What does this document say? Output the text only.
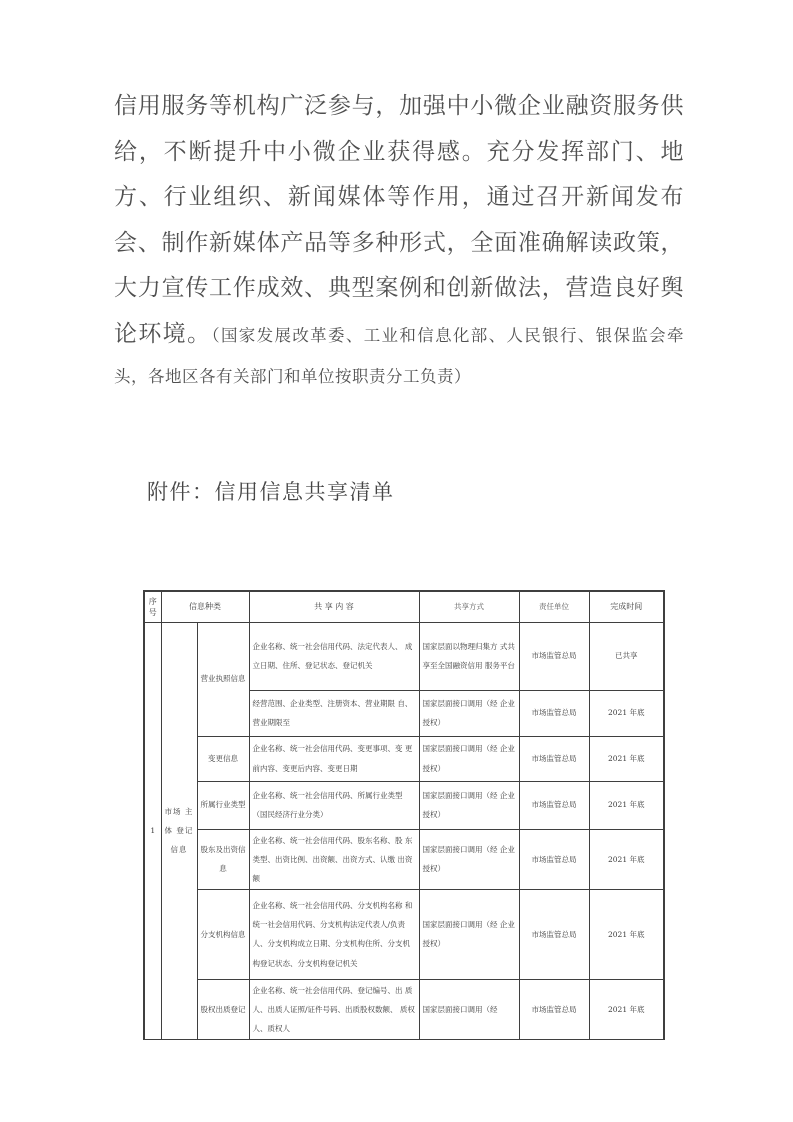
信用服务等机构广泛参与，加强中小微企业融资服务供给，不断提升中小微企业获得感。充分发挥部门、地方、行业组织、新闻媒体等作用，通过召开新闻发布会、制作新媒体产品等多种形式，全面准确解读政策，大力宣传工作成效、典型案例和创新做法，营造良好舆论环境。（国家发展改革委、工业和信息化部、人民银行、银保监会牵头，各地区各有关部门和单位按职责分工负责）
附件：信用信息共享清单
序号	信息种类		共 享 内 容	共享方式	责任单位	完成时间
1	市场 主体 登记 信息	营业执照信息	企业名称、统一社会信用代码、法定代表人、 成立日期、住所、登记状态、登记机关	国家层面以物理归集方 式共享至全国融资信用 服务平台	市场监管总局	已共享
			经营范围、企业类型、注册资本、营业期限 自、营业期限至	国家层面接口调用（经 企业授权）	市场监管总局	2021 年底
		变更信息	企业名称、统一社会信用代码、变更事项、变 更前内容、变更后内容、变更日期	国家层面接口调用（经 企业授权）	市场监管总局	2021 年底
		所属行业类型	企业名称、统一社会信用代码、所属行业类型 （国民经济行业分类）	国家层面接口调用（经 企业授权）	市场监管总局	2021 年底
		股东及出资信息	企业名称、统一社会信用代码、股东名称、股 东类型、出资比例、出资额、出资方式、认缴 出资额	国家层面接口调用（经 企业授权）	市场监管总局	2021 年底
		分支机构信息	企业名称、统一社会信用代码、分支机构名称 和统一社会信用代码、分支机构法定代表人/负责 人、分支机构成立日期、分支机构住所、分支机 构登记状态、分支机构登记机关	国家层面接口调用（经 企业授权）	市场监管总局	2021 年底
		股权出质登记	企业名称、统一社会信用代码、登记编号、出 质人、出质人证照/证件号码、出质股权数额、 质权人、质权人	国家层面接口调用（经	市场监管总局	2021 年底
